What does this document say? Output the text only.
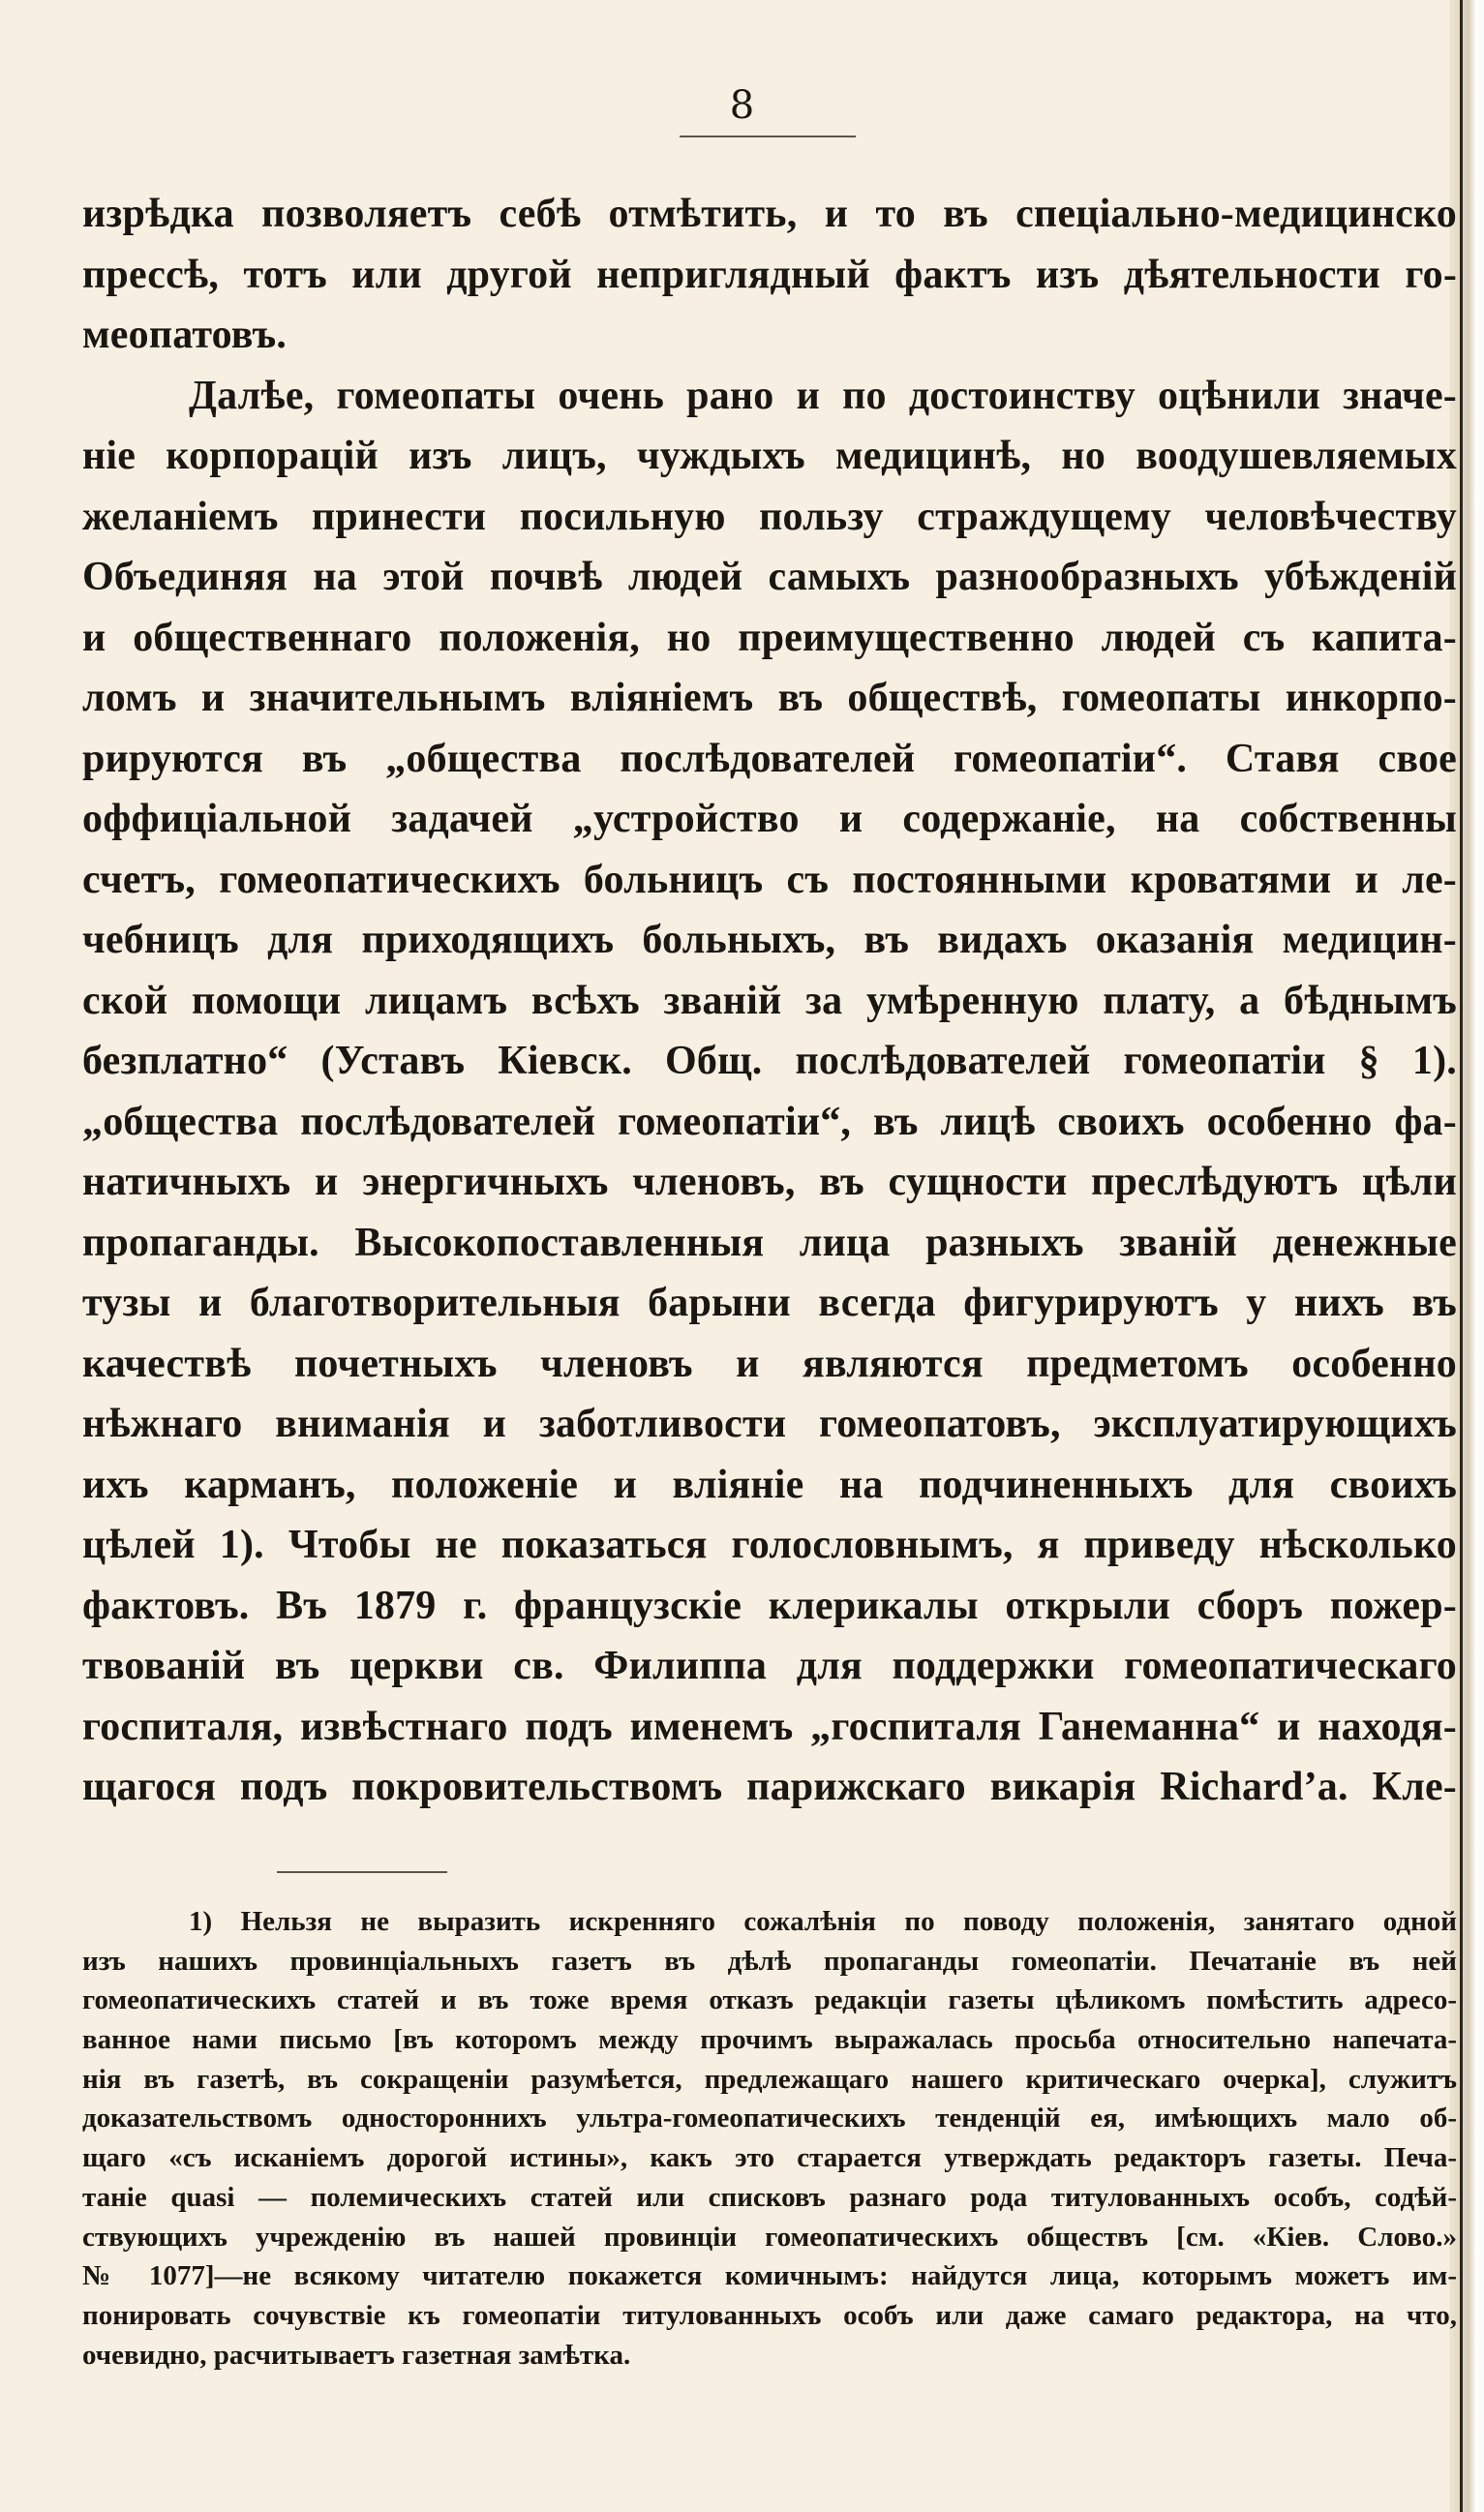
8
изрѣдка позволяетъ себѣ отмѣтить, и то въ спеціально-медицинско
прессѣ, тотъ или другой неприглядный фактъ изъ дѣятельности го-
меопатовъ.
Далѣе, гомеопаты очень рано и по достоинству оцѣнили значе-
ніе корпорацій изъ лицъ, чуждыхъ медицинѣ, но воодушевляемых
желаніемъ принести посильную пользу страждущему человѣчеству
Объединяя на этой почвѣ людей самыхъ разнообразныхъ убѣжденій
и общественнаго положенія, но преимущественно людей съ капита-
ломъ и значительнымъ вліяніемъ въ обществѣ, гомеопаты инкорпо-
рируются въ „общества послѣдователей гомеопатіи“. Ставя свое
оффиціальной задачей „устройство и содержаніе, на собственны
счетъ, гомеопатическихъ больницъ съ постоянными кроватями и ле-
чебницъ для приходящихъ больныхъ, въ видахъ оказанія медицин-
ской помощи лицамъ всѣхъ званій за умѣренную плату, а бѣднымъ
безплатно“ (Уставъ Кіевск. Общ. послѣдователей гомеопатіи § 1).
„общества послѣдователей гомеопатіи“, въ лицѣ своихъ особенно фа-
натичныхъ и энергичныхъ членовъ, въ сущности преслѣдуютъ цѣли
пропаганды. Высокопоставленныя лица разныхъ званій денежные
тузы и благотворительныя барыни всегда фигурируютъ у нихъ въ
качествѣ почетныхъ членовъ и являются предметомъ особенно
нѣжнаго вниманія и заботливости гомеопатовъ, эксплуатирующихъ
ихъ карманъ, положеніе и вліяніе на подчиненныхъ для своихъ
цѣлей 1). Чтобы не показаться голословнымъ, я приведу нѣсколько
фактовъ. Въ 1879 г. французскіе клерикалы открыли сборъ пожер-
твованій въ церкви св. Филиппа для поддержки гомеопатическаго
госпиталя, извѣстнаго подъ именемъ „госпиталя Ганеманна“ и находя-
щагося подъ покровительствомъ парижскаго викарія Richard’a. Кле-
1) Нельзя не выразить искренняго сожалѣнія по поводу положенія, занятаго одной
изъ нашихъ провинціальныхъ газетъ въ дѣлѣ пропаганды гомеопатіи. Печатаніе въ ней
гомеопатическихъ статей и въ тоже время отказъ редакціи газеты цѣликомъ помѣстить адресо-
ванное нами письмо [въ которомъ между прочимъ выражалась просьба относительно напечата-
нія въ газетѣ, въ сокращеніи разумѣется, предлежащаго нашего критическаго очерка], служитъ
доказательствомъ одностороннихъ ультра-гомеопатическихъ тенденцій ея, имѣющихъ мало об-
щаго «съ исканіемъ дорогой истины», какъ это старается утверждать редакторъ газеты. Печа-
таніе quasi — полемическихъ статей или списковъ разнаго рода титулованныхъ особъ, содѣй-
ствующихъ учрежденію въ нашей провинціи гомеопатическихъ обществъ [см. «Кіев. Слово.»
№ 1077]—не всякому читателю покажется комичнымъ: найдутся лица, которымъ можетъ им-
понировать сочувствіе къ гомеопатіи титулованныхъ особъ или даже самаго редактора, на что,
очевидно, расчитываетъ газетная замѣтка.
